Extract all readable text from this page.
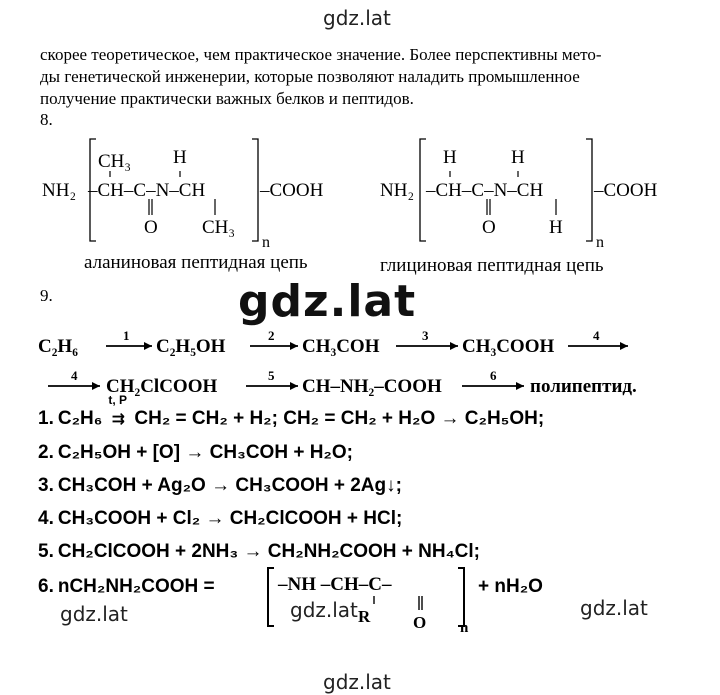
gdz.lat
gdz.lat
gdz.lat	gdz.lat
gdz.lat
скорее теоретическое, чем практическое значение. Более перспективны мето-
ды генетической инженерии, которые позволяют наладить промышленное
получение практически важных белков и пептидов.
8.
CH₃ H
NH₂ –CH–C–N–CH	–COOH
O CH₃
n
аланиновая пептидная цепь
H	H
NH₂ –CH–C–N–CH	–COOH
O	H
n
глициновая пептидная цепь
9.
C₂H₆
1
C₂H₅OH
2
CH₃COH
3
CH₃COOH
4
4
CH₂ClCOOH
5
CH–NH₂–COOH
6
полипептид.
1. C₂H₆ ⇉
t, P
CH₂ = CH₂ + H₂; CH₂ = CH₂ + H₂O → C₂H₅OH;
2. C₂H₅OH + [O] → CH₃COH + H₂O;
3. CH₃COH + Ag₂O → CH₃COOH + 2Ag↓;
4. CH₃COOH + Cl₂ → CH₂ClCOOH + HCl;
5. CH₂ClCOOH + 2NH₃ → CH₂NH₂COOH + NH₄Cl;
6. nCH₂NH₂COOH =	–NH –CH–C–
R	O n
+ nH₂O
gdz.lat
